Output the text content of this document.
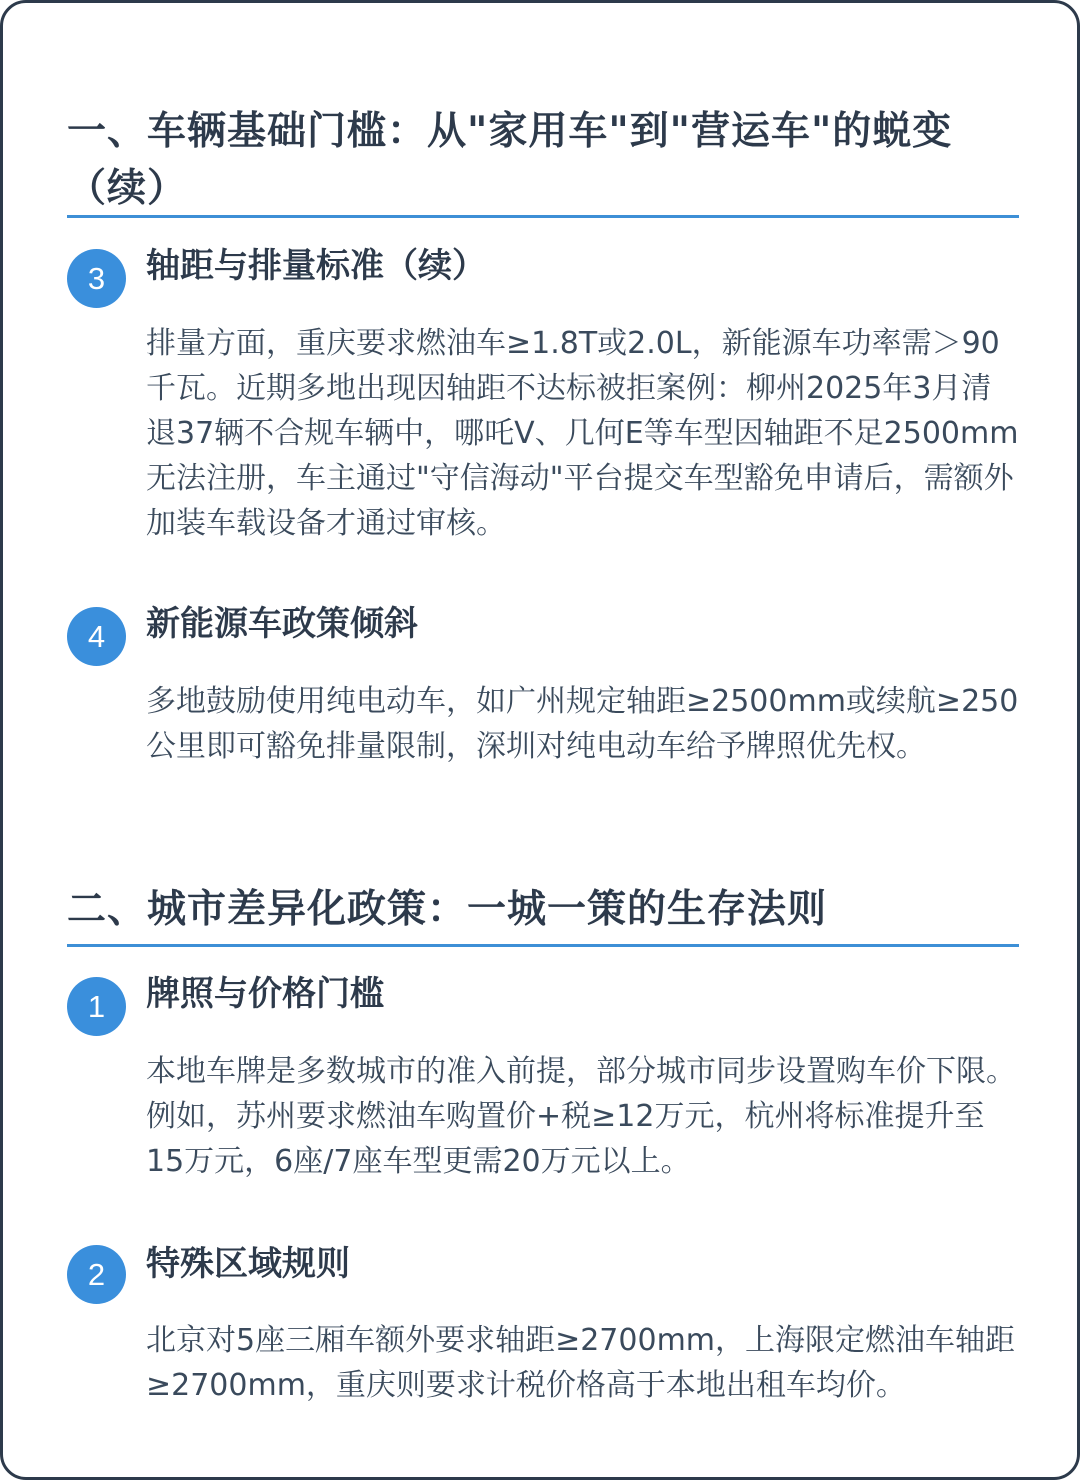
一、车辆基础门槛：从"家用车"到"营运车"的蜕变（续）
3	轴距与排量标准（续）

排量方面，重庆要求燃油车≥1.8T或2.0L，新能源车功率需＞90千瓦。近期多地出现因轴距不达标被拒案例：柳州2025年3月清退37辆不合规车辆中，哪吒V、几何E等车型因轴距不足2500mm无法注册，车主通过"守信海动"平台提交车型豁免申请后，需额外加装车载设备才通过审核。

4	新能源车政策倾斜

多地鼓励使用纯电动车，如广州规定轴距≥2500mm或续航≥250公里即可豁免排量限制，深圳对纯电动车给予牌照优先权。

二、城市差异化政策：一城一策的生存法则
1	牌照与价格门槛

本地车牌是多数城市的准入前提，部分城市同步设置购车价下限。例如，苏州要求燃油车购置价+税≥12万元，杭州将标准提升至15万元，6座/7座车型更需20万元以上。

2	特殊区域规则

北京对5座三厢车额外要求轴距≥2700mm，上海限定燃油车轴距≥2700mm，重庆则要求计税价格高于本地出租车均价。
